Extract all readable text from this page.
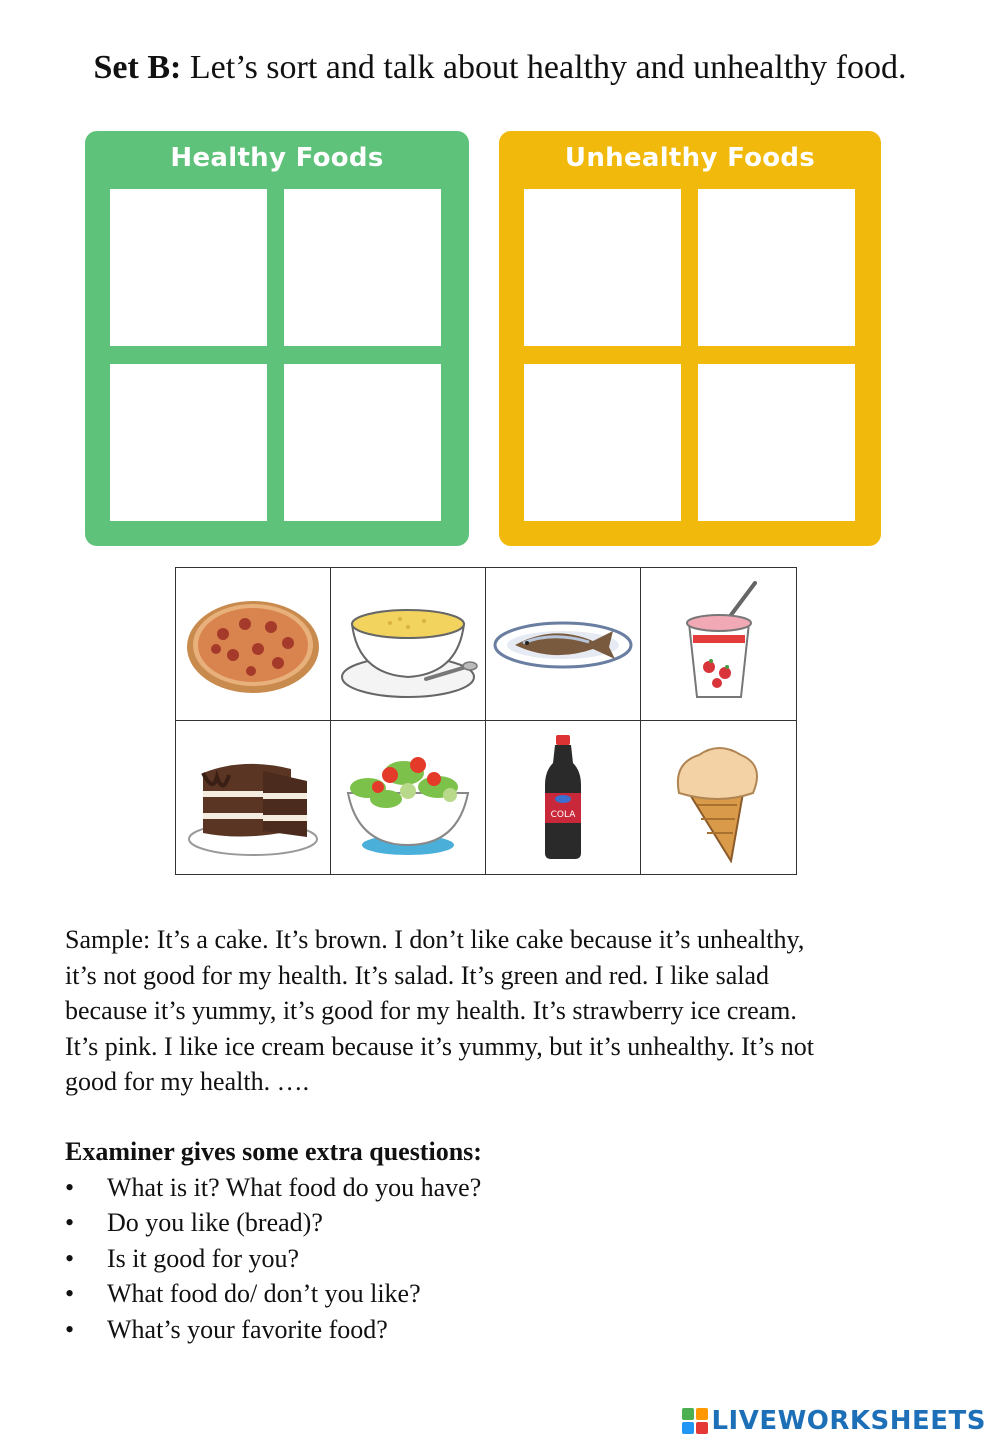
Set B: Let’s sort and talk about healthy and unhealthy food.
Healthy Foods	Unhealthy Foods
COLA

Sample: It’s a cake. It’s brown. I don’t like cake because it’s unhealthy,
it’s not good for my health. It’s salad. It’s green and red. I like salad
because it’s yummy, it’s good for my health. It’s strawberry ice cream.
It’s pink. I like ice cream because it’s yummy, but it’s unhealthy. It’s not
good for my health. ….

Examiner gives some extra questions:
• What is it? What food do you have?
• Do you like (bread)?
• Is it good for you?
• What food do/ don’t you like?
• What’s your favorite food?
LIVEWORKSHEETS
